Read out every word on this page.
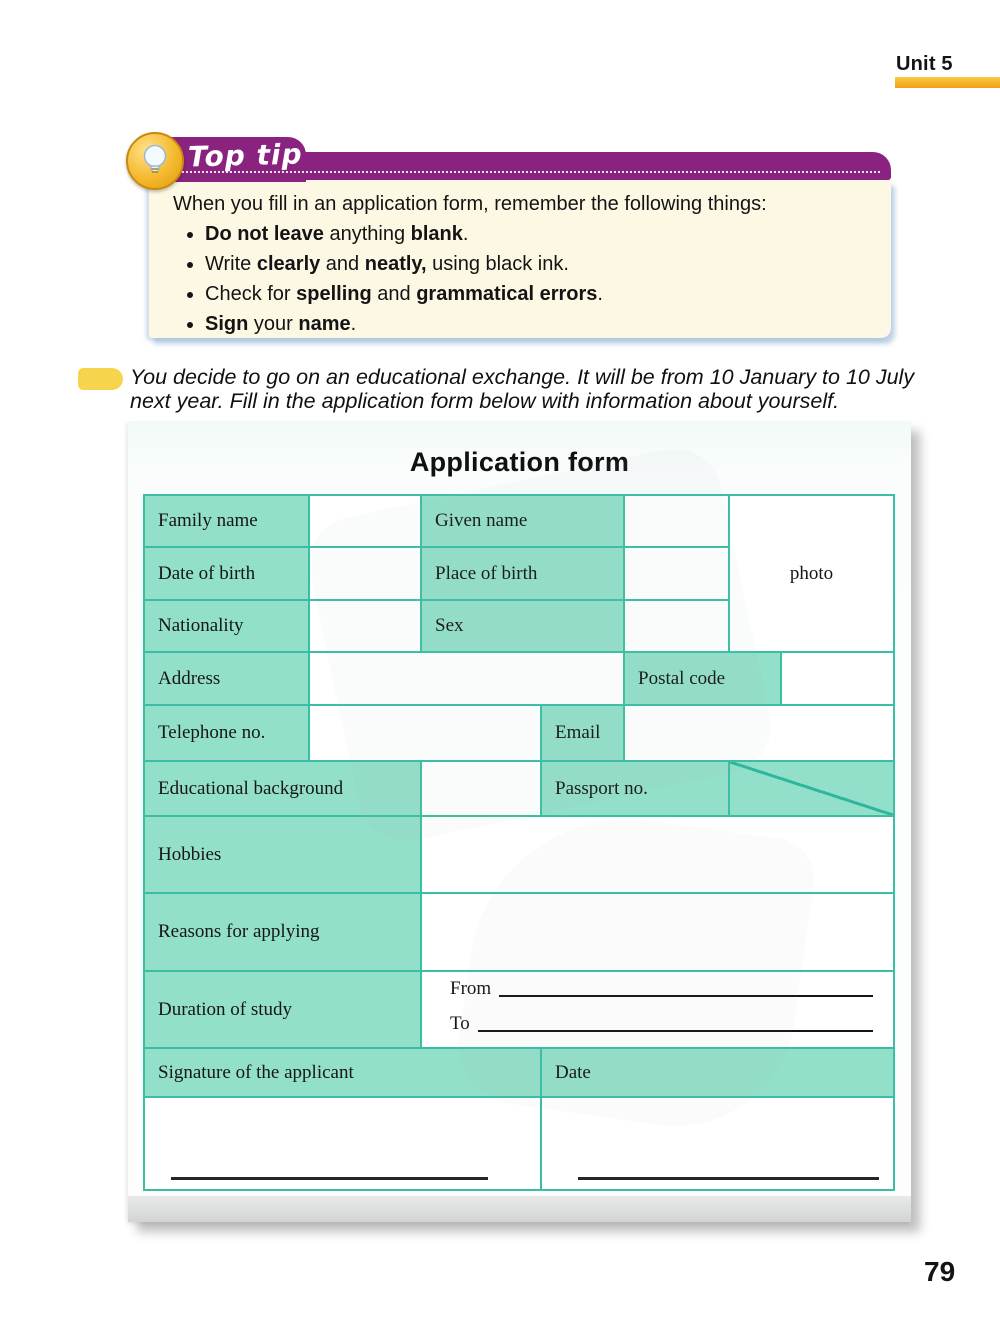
Unit 5
Top tip

When you fill in an application form, remember the following things:

• Do not leave anything blank.
• Write clearly and neatly, using black ink.
• Check for spelling and grammatical errors.
• Sign your name.

You decide to go on an educational exchange. It will be from 10 January to 10 July
next year. Fill in the application form below with information about yourself.

Application form
Family name	Given name
photo
Date of birth	Place of birth
Nationality	Sex
Address	Postal code
Telephone no.	Email
Educational background	Passport no.
Hobbies
Reasons for applying
Duration of study
From
To
Signature of the applicant	Date
79
